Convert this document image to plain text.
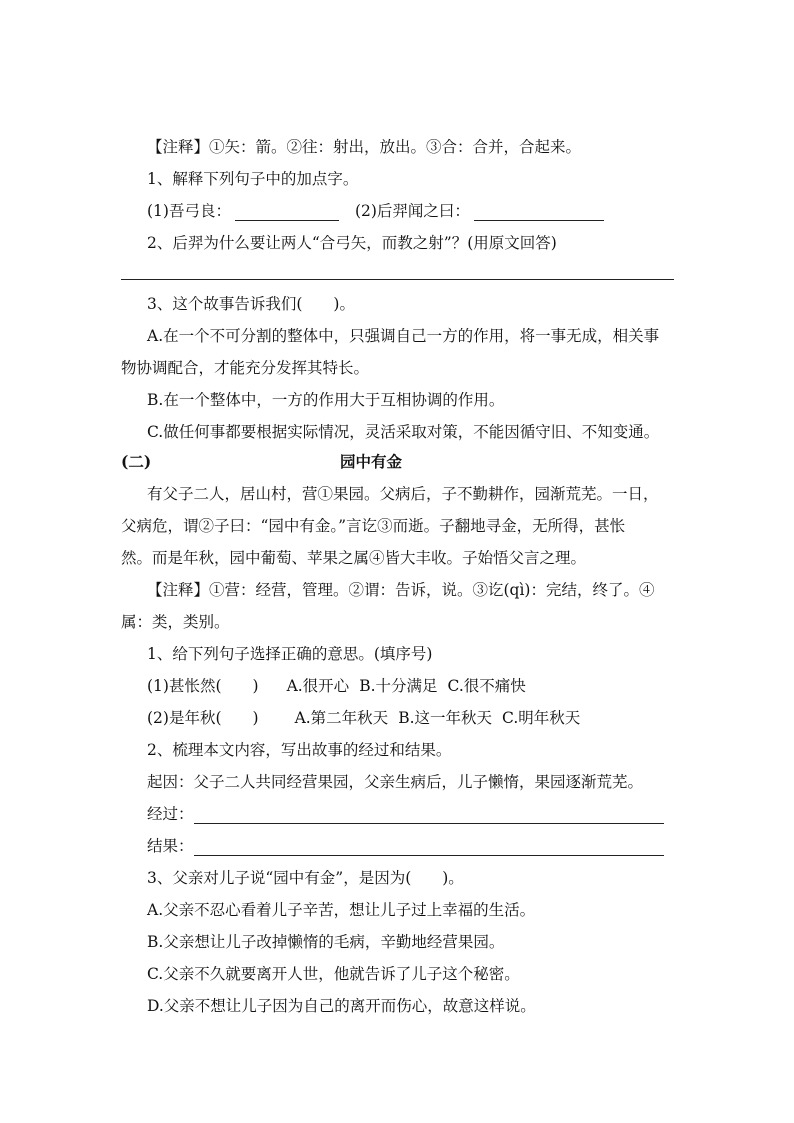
【注释】①矢：箭。②往：射出，放出。③合：合并，合起来。
1、解释下列句子中的加点字。
(1)吾弓良：	(2)后羿闻之曰：
2、后羿为什么要让两人“合弓矢，而教之射”？(用原文回答)
3、这个故事告诉我们(　　)。
A.在一个不可分割的整体中，只强调自己一方的作用，将一事无成，相关事
物协调配合，才能充分发挥其特长。
B.在一个整体中，一方的作用大于互相协调的作用。
C.做任何事都要根据实际情况，灵活采取对策，不能因循守旧、不知变通。
(二)	园中有金
有父子二人，居山村，营①果园。父病后，子不勤耕作，园渐荒芜。一日，
父病危，谓②子曰：“园中有金。”言讫③而逝。子翻地寻金，无所得，甚怅
然。而是年秋，园中葡萄、苹果之属④皆大丰收。子始悟父言之理。
【注释】①营：经营，管理。②谓：告诉，说。③讫(qì)：完结，终了。④
属：类，类别。
1、给下列句子选择正确的意思。(填序号)
(1)甚怅然(　　) A.很开心 B.十分满足 C.很不痛快
(2)是年秋(　　) A.第二年秋天 B.这一年秋天 C.明年秋天
2、梳理本文内容，写出故事的经过和结果。
起因：父子二人共同经营果园，父亲生病后，儿子懒惰，果园逐渐荒芜。
经过：
结果：
3、父亲对儿子说“园中有金”，是因为(　　)。
A.父亲不忍心看着儿子辛苦，想让儿子过上幸福的生活。
B.父亲想让儿子改掉懒惰的毛病，辛勤地经营果园。
C.父亲不久就要离开人世，他就告诉了儿子这个秘密。
D.父亲不想让儿子因为自己的离开而伤心，故意这样说。
